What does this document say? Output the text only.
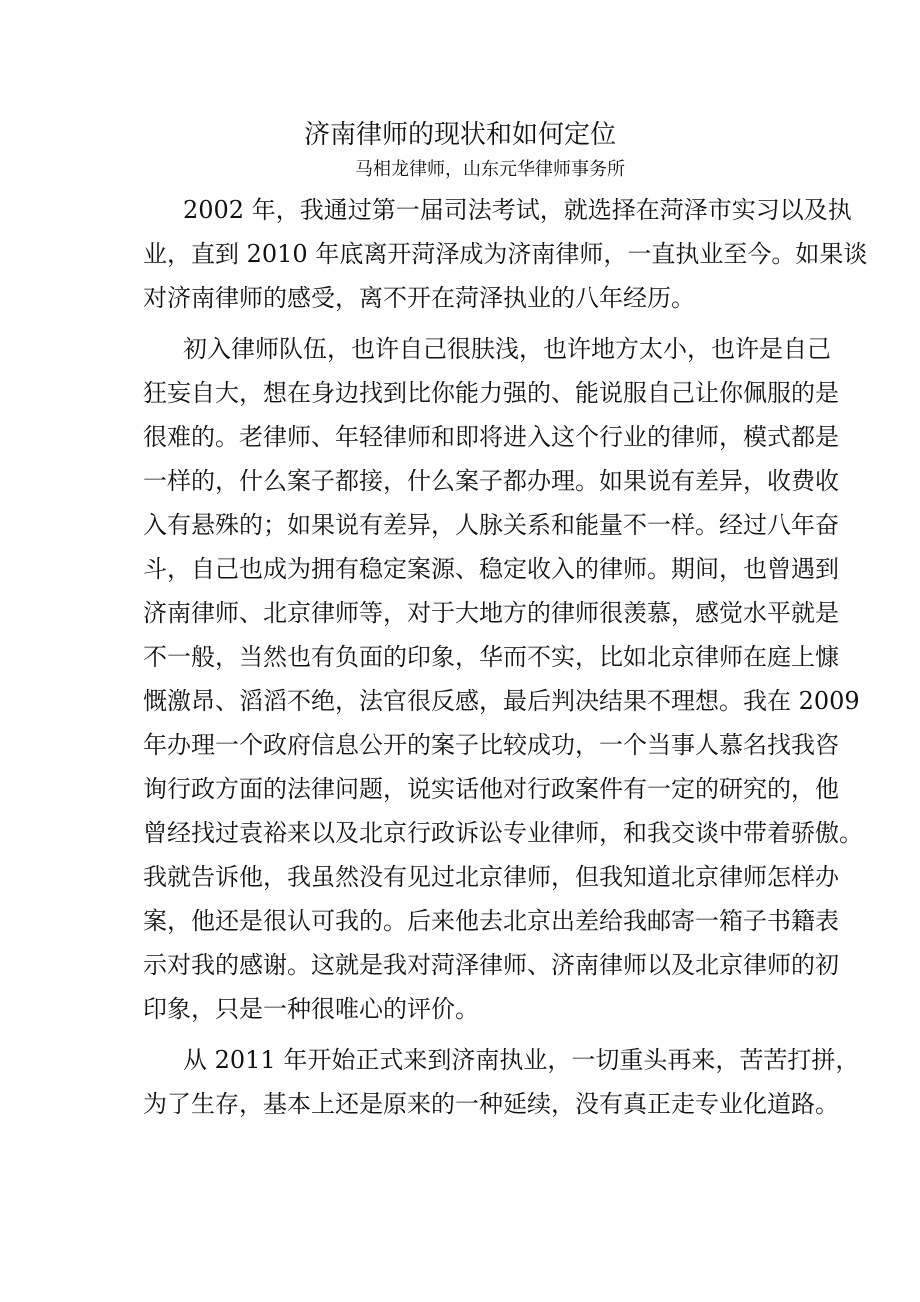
济南律师的现状和如何定位
马相龙律师，山东元华律师事务所
2002 年，我通过第一届司法考试，就选择在菏泽市实习以及执
业，直到 2010 年底离开菏泽成为济南律师，一直执业至今。如果谈
对济南律师的感受，离不开在菏泽执业的八年经历。
初入律师队伍，也许自己很肤浅，也许地方太小，也许是自己
狂妄自大，想在身边找到比你能力强的、能说服自己让你佩服的是
很难的。老律师、年轻律师和即将进入这个行业的律师，模式都是
一样的，什么案子都接，什么案子都办理。如果说有差异，收费收
入有悬殊的；如果说有差异，人脉关系和能量不一样。经过八年奋
斗，自己也成为拥有稳定案源、稳定收入的律师。期间，也曾遇到
济南律师、北京律师等，对于大地方的律师很羡慕，感觉水平就是
不一般，当然也有负面的印象，华而不实，比如北京律师在庭上慷
慨激昂、滔滔不绝，法官很反感，最后判决结果不理想。我在 2009
年办理一个政府信息公开的案子比较成功，一个当事人慕名找我咨
询行政方面的法律问题，说实话他对行政案件有一定的研究的，他
曾经找过袁裕来以及北京行政诉讼专业律师，和我交谈中带着骄傲。
我就告诉他，我虽然没有见过北京律师，但我知道北京律师怎样办
案，他还是很认可我的。后来他去北京出差给我邮寄一箱子书籍表
示对我的感谢。这就是我对菏泽律师、济南律师以及北京律师的初
印象，只是一种很唯心的评价。
从 2011 年开始正式来到济南执业，一切重头再来，苦苦打拼，
为了生存，基本上还是原来的一种延续，没有真正走专业化道路。
